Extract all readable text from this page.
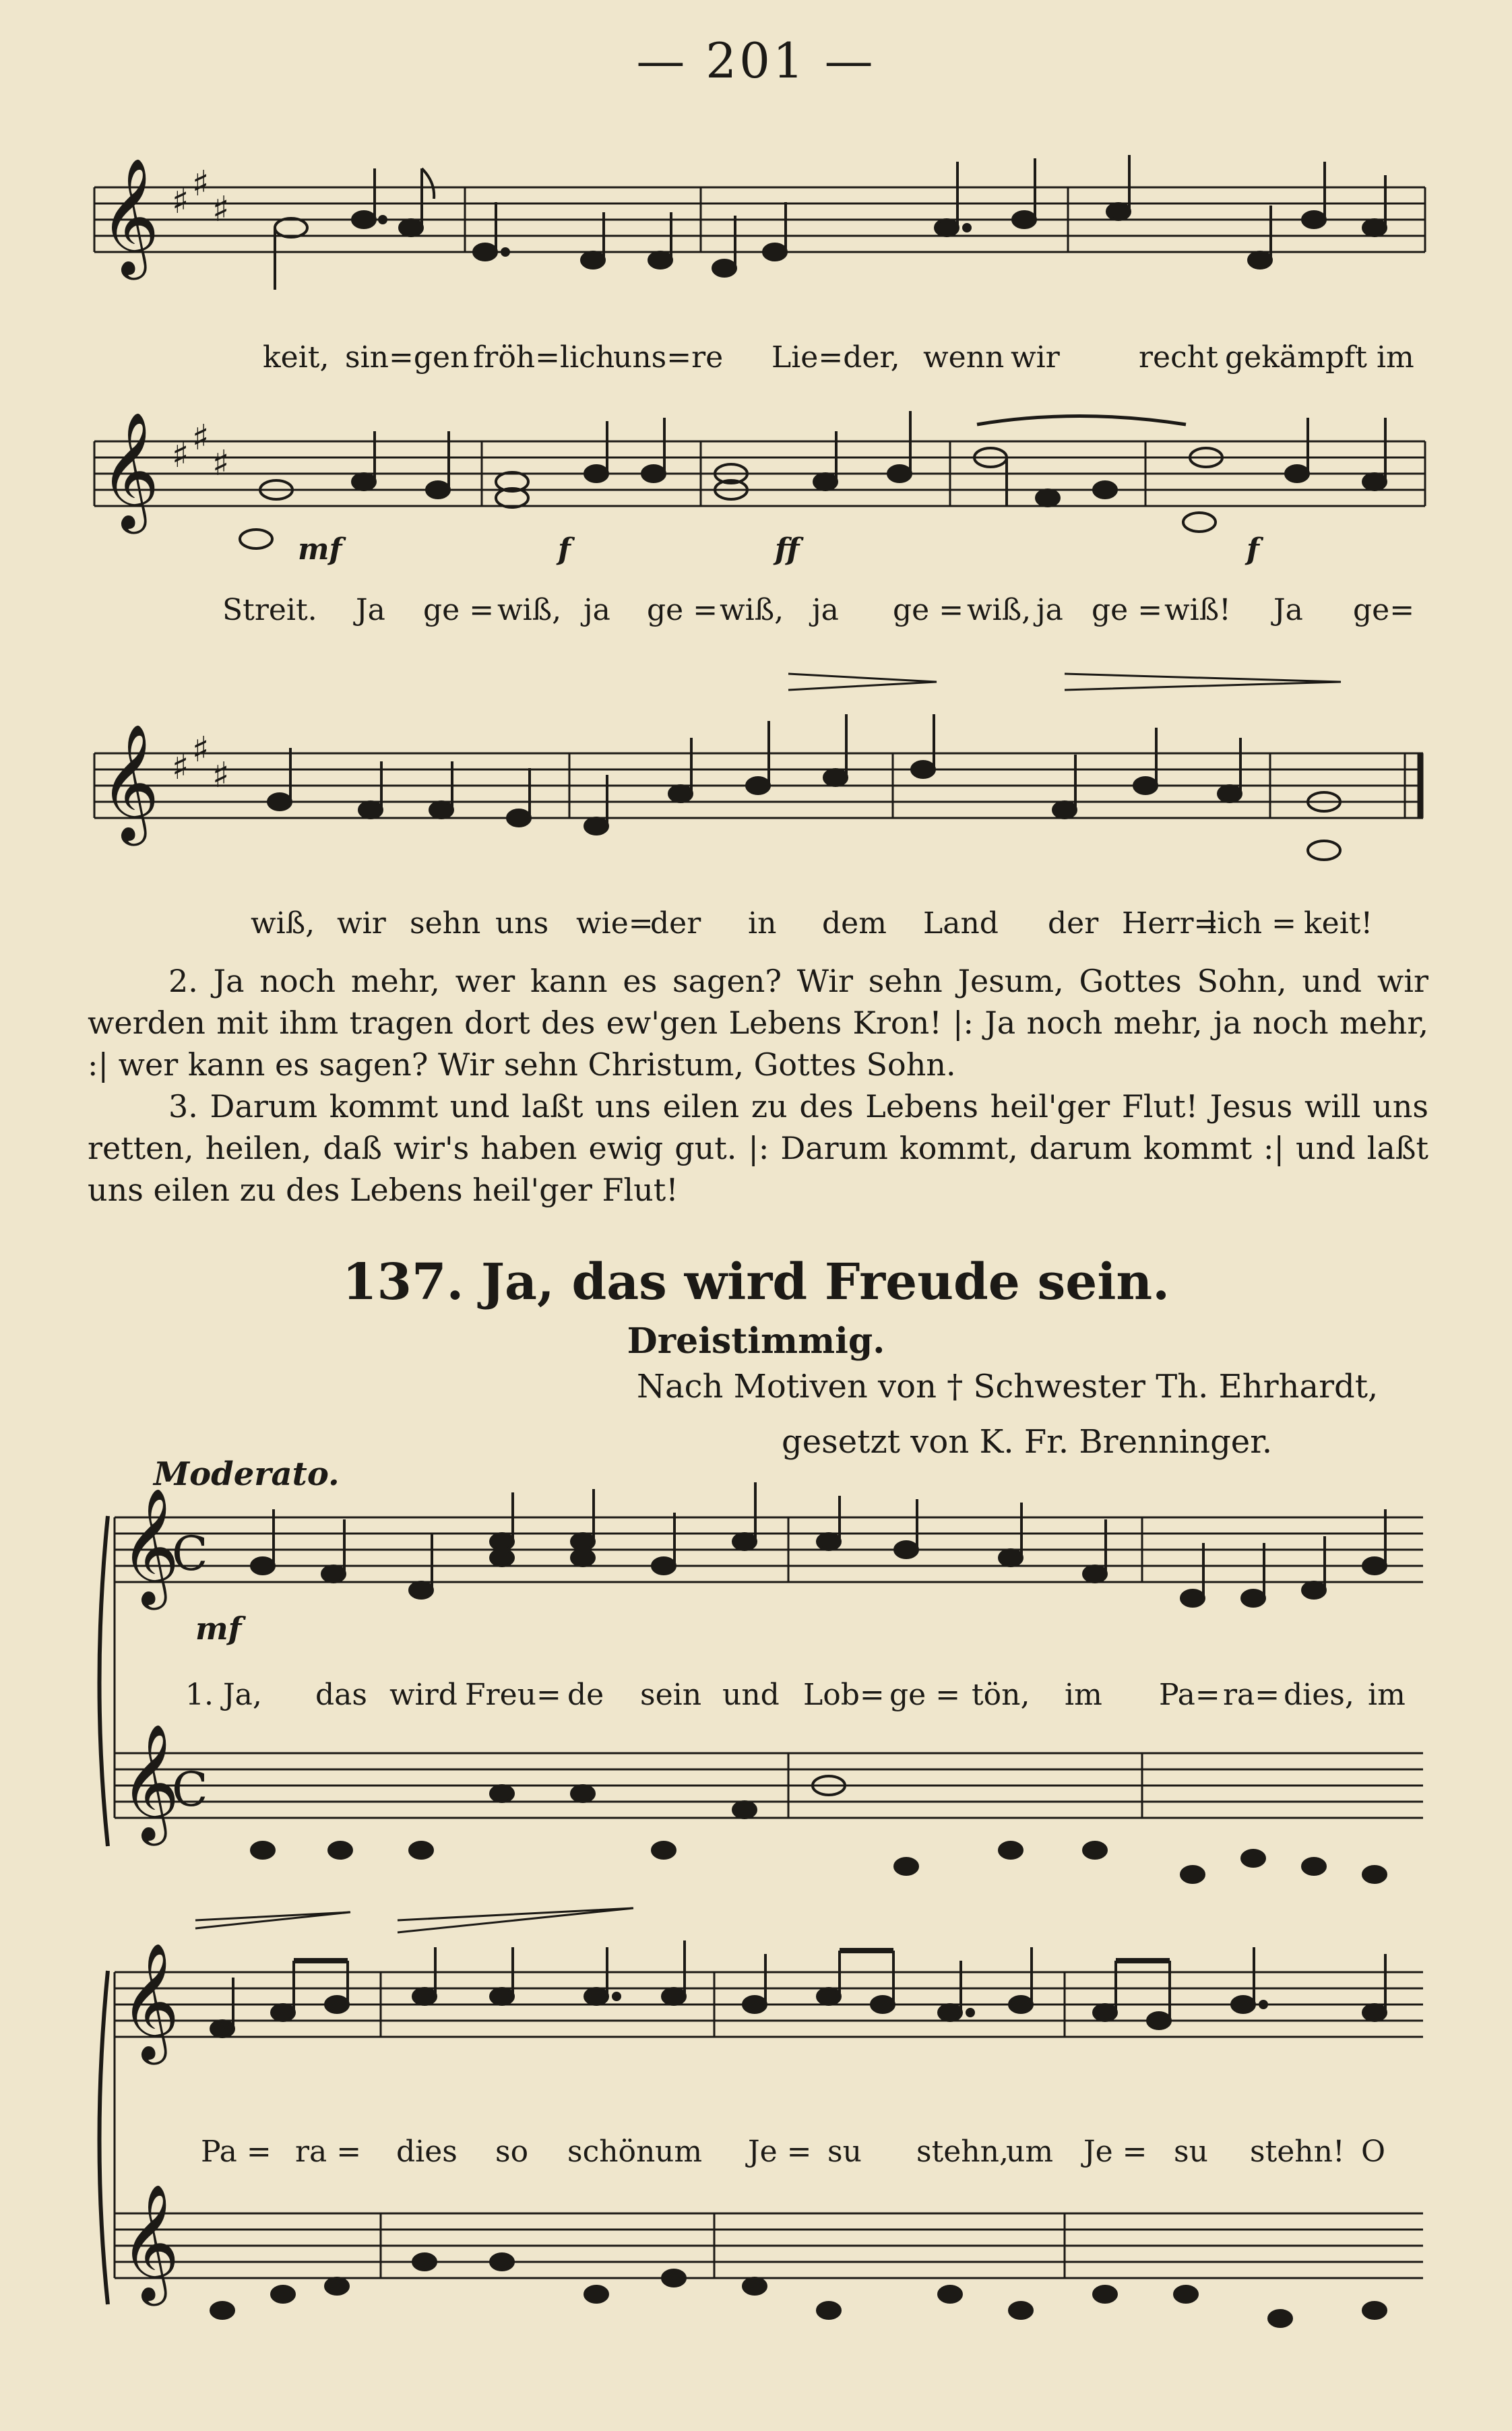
— 201 —
𝄞 ♯ ♯
♯
keit, sin=gen fröh=lich
uns=re Lie=der, wenn wir	recht gekämpft im
𝄞 ♯ ♯
♯
mf	f	ff	f
Streit. Ja ge = wiß, ja ge = wiß, ja ge = wiß, ja ge = wiß! Ja ge=
𝄞 ♯ ♯
♯
wiß, wir sehn uns wie=
der in dem Land der Herr=
lich = keit!

2. Ja noch mehr, wer kann es sagen? Wir sehn Jesum, Gottes Sohn, und wir werden mit ihm tragen dort des ew'gen Lebens Kron! |: Ja noch mehr, ja noch mehr, :| wer kann es sagen? Wir sehn Christum, Gottes Sohn.

3. Darum kommt und laßt uns eilen zu des Lebens heil'ger Flut! Jesus will uns retten, heilen, daß wir's haben ewig gut. |: Darum kommt, darum kommt :| und laßt uns eilen zu des Lebens heil'ger Flut!

137. Ja, das wird Freude sein.
Dreistimmig.
Nach Motiven von † Schwester Th. Ehrhardt,
gesetzt von K. Fr. Brenninger.
Moderato.
𝄞
𝄞
C
C
mf
1. Ja, das wird Freu= de sein und Lob= ge = tön, im Pa= ra= dies, im
𝄞
𝄞
Pa = ra = dies so schön um Je = su stehn,
um Je = su stehn! O
